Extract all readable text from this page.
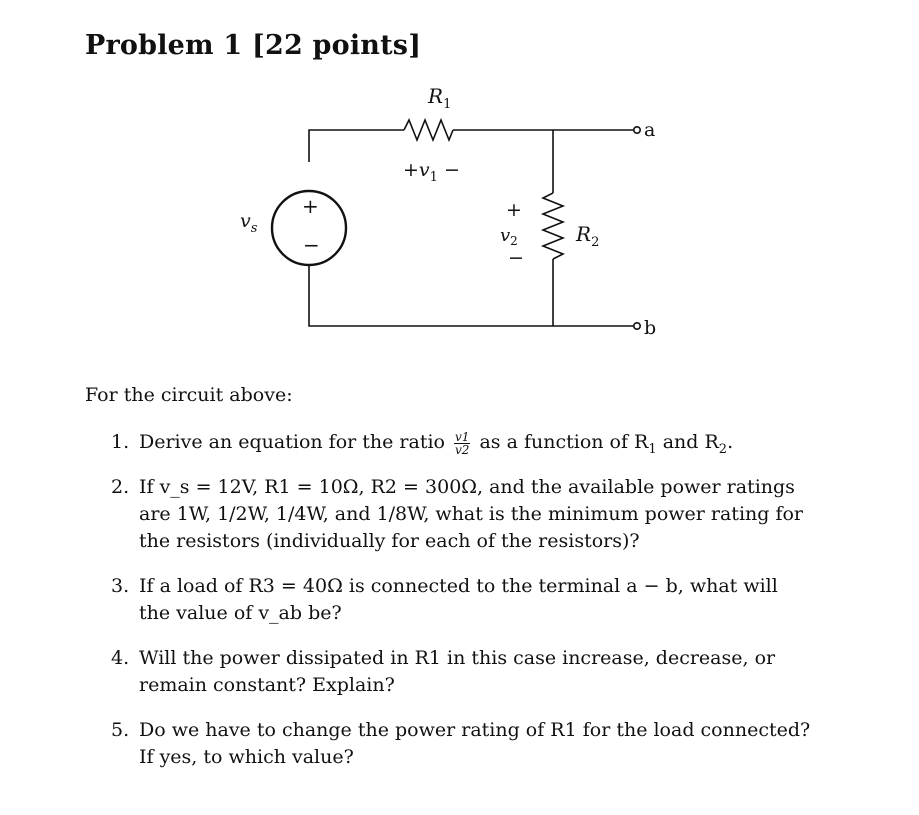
Problem 1 [22 points]
$R_1$
$+v_1$ −
+
−
$v_s$
+
$v_2$
−
$R_2$
a
b
For the circuit above:
1. Derive an equation for the ratio $\frac{v1}{v2}$ as a function of $R_1$ and $R_2$.
2. If v_s = 12V, R1 = 10Ω, R2 = 300Ω, and the available power ratings are 1W, 1/2W, 1/4W, and 1/8W, what is the minimum power rating for the resistors (individually for each of the resistors)?
3. If a load of R3 = 40Ω is connected to the terminal a − b, what will the value of v_ab be?
4. Will the power dissipated in R1 in this case increase, decrease, or remain constant? Explain?
5. Do we have to change the power rating of R1 for the load connected? If yes, to which value?
